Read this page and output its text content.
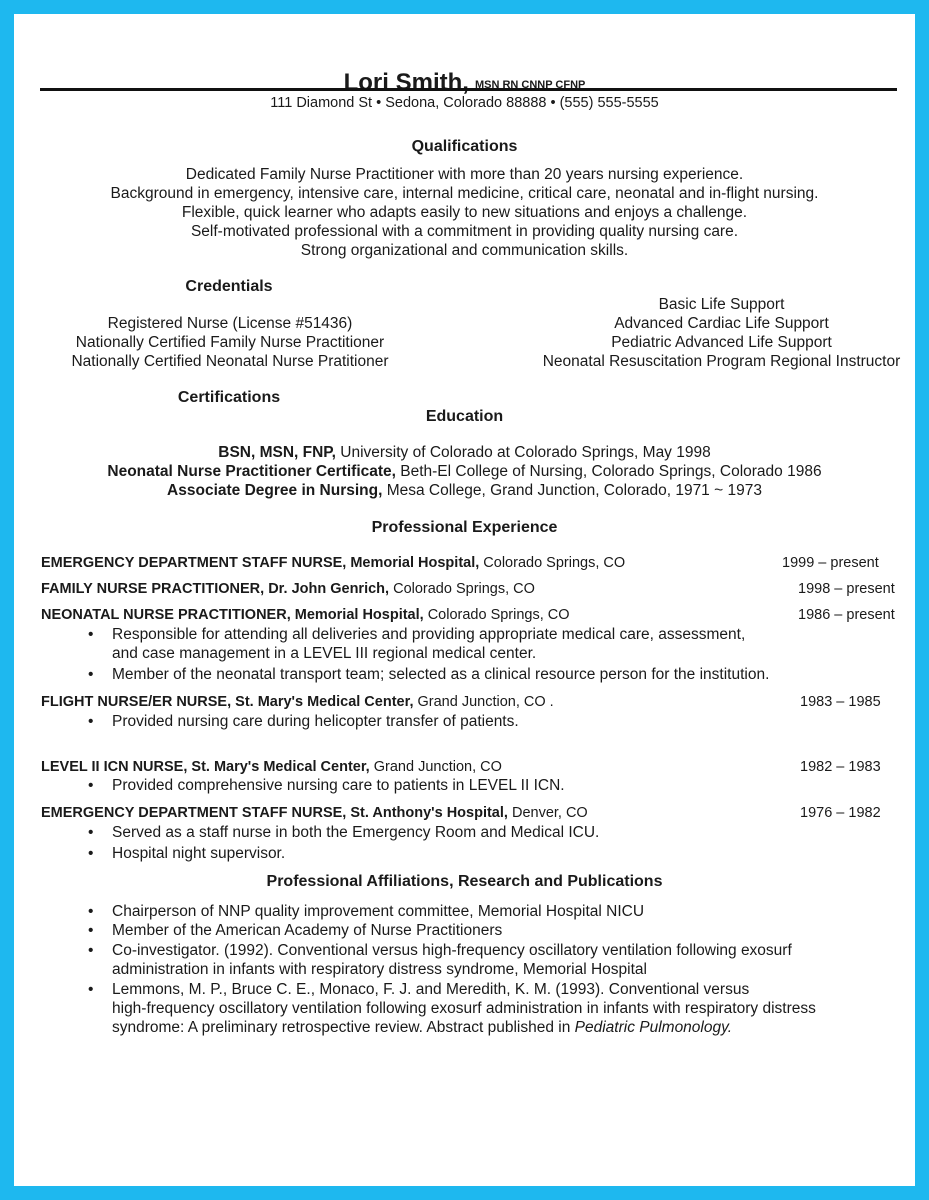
Lori Smith, MSN RN CNNP CFNP
111 Diamond St • Sedona, Colorado 88888 • (555) 555-5555
Qualifications
Dedicated Family Nurse Practitioner with more than 20 years nursing experience.
Background in emergency, intensive care, internal medicine, critical care, neonatal and in-flight nursing.
Flexible, quick learner who adapts easily to new situations and enjoys a challenge.
Self-motivated professional with a commitment in providing quality nursing care.
Strong organizational and communication skills.
Credentials
Registered Nurse (License #51436)
Nationally Certified Family Nurse Practitioner
Nationally Certified Neonatal Nurse Pratitioner
Basic Life Support
Advanced Cardiac Life Support
Pediatric Advanced Life Support
Neonatal Resuscitation Program Regional Instructor
Certifications
Education
BSN, MSN, FNP, University of Colorado at Colorado Springs, May 1998
Neonatal Nurse Practitioner Certificate, Beth-El College of Nursing, Colorado Springs, Colorado 1986
Associate Degree in Nursing, Mesa College, Grand Junction, Colorado, 1971 ~ 1973
Professional Experience
EMERGENCY DEPARTMENT STAFF NURSE, Memorial Hospital, Colorado Springs, CO	1999 – present
FAMILY NURSE PRACTITIONER, Dr. John Genrich, Colorado Springs, CO	1998 – present
NEONATAL NURSE PRACTITIONER, Memorial Hospital, Colorado Springs, CO	1986 – present
• Responsible for attending all deliveries and providing appropriate medical care, assessment,
and case management in a LEVEL III regional medical center.
• Member of the neonatal transport team; selected as a clinical resource person for the institution.
FLIGHT NURSE/ER NURSE, St. Mary's Medical Center, Grand Junction, CO .	1983 – 1985
• Provided nursing care during helicopter transfer of patients.
LEVEL II ICN NURSE, St. Mary's Medical Center, Grand Junction, CO	1982 – 1983
• Provided comprehensive nursing care to patients in LEVEL II ICN.
EMERGENCY DEPARTMENT STAFF NURSE, St. Anthony's Hospital, Denver, CO	1976 – 1982
• Served as a staff nurse in both the Emergency Room and Medical ICU.
• Hospital night supervisor.
Professional Affiliations, Research and Publications
• Chairperson of NNP quality improvement committee, Memorial Hospital NICU
• Member of the American Academy of Nurse Practitioners
• Co-investigator. (1992). Conventional versus high-frequency oscillatory ventilation following exosurf
administration in infants with respiratory distress syndrome, Memorial Hospital
• Lemmons, M. P., Bruce C. E., Monaco, F. J. and Meredith, K. M. (1993). Conventional versus
high-frequency oscillatory ventilation following exosurf administration in infants with respiratory distress
syndrome: A preliminary retrospective review. Abstract published in Pediatric Pulmonology.
